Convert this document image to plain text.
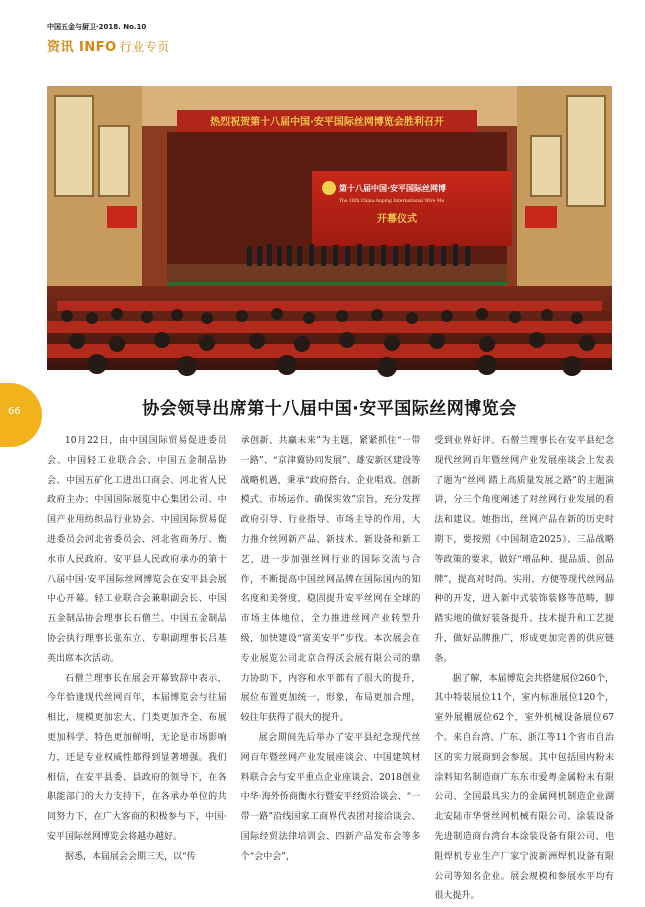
中国五金与厨卫·2018. No.10
资讯 INFO 行业专页
热烈祝贺第十八届中国·安平国际丝网博览会胜利召开
第十八届中国·安平国际丝网博
The 18th China·Anping International Wire Me
开幕仪式
66	协会领导出席第十八届中国·安平国际丝网博览会

10月22日，由中国国际贸易促进委员会、中国轻工业联合会、中国五金制品协会、中国五矿化工进出口商会、河北省人民政府主办；中国国际展览中心集团公司、中国产业用纺织品行业协会、中国国际贸易促进委员会河北省委员会、河北省商务厅、衡水市人民政府、安平县人民政府承办的第十八届中国·安平国际丝网博览会在安平县会展中心开幕。轻工业联合会兼职副会长、中国五金制品协会理事长石僧兰、中国五金制品协会执行理事长张东立、专职副理事长吕基英出席本次活动。

石僧兰理事长在展会开幕致辞中表示，今年恰逢现代丝网百年，本届博览会与往届相比，规模更加宏大、门类更加齐全、布展更加科学、特色更加鲜明，无论是市场影响力，还是专业权威性都得到显著增强。我们相信，在安平县委、县政府的领导下，在各职能部门的大力支持下，在各承办单位的共同努力下，在广大客商的积极参与下，中国·安平国际丝网博览会将越办越好。

据悉，本届展会会期三天，以“传

承创新、共赢未来”为主题，紧紧抓住“一带一路”、“京津冀协同发展”、雄安新区建设等战略机遇，秉承“政府搭台、企业唱戏、创新模式、市场运作、确保实效”宗旨，充分发挥政府引导、行业指导、市场主导的作用，大力推介丝网新产品、新技术、新设备和新工艺，进一步加强丝网行业的国际交流与合作，不断提高中国丝网品牌在国际国内的知名度和美誉度，稳固提升安平丝网在全球的市场主体地位，全力推进丝网产业转型升级，加快建设“富美安平”步伐。本次展会在专业展览公司北京合得沃会展有限公司的鼎力协助下，内容和水平都有了很大的提升，展位布置更加统一、形象，布局更加合理，较往年获得了很大的提升。

展会期间先后举办了安平县纪念现代丝网百年暨丝网产业发展座谈会、中国建筑材料联合会与安平重点企业座谈会、2018创业中华·海外侨商衡水行暨安平经贸洽谈会、“一带一路”沿线国家工商界代表团对接洽谈会、国际经贸法律培训会、四新产品发布会等多个“会中会”，

受到业界好评。石僧兰理事长在安平县纪念现代丝网百年暨丝网产业发展座谈会上发表了题为“丝网 踏上高质量发展之路”的主题演讲，分三个角度阐述了对丝网行业发展的看法和建议。她指出，丝网产品在新的历史时期下，要按照《中国制造2025》、三品战略等政策的要求，做好“增品种、提品质、创品牌”，提高对时尚、实用、方便等现代丝网品种的开发，进入新中式装饰装修等范畴，脚踏实地的做好装备提升、技术提升和工艺提升，做好品牌推广，形成更加完善的供应链条。

据了解，本届博览会共搭建展位260个，其中特装展位11个，室内标准展位120个，室外展棚展位62个，室外机械设备展位67个。来自台湾、广东、浙江等11个省市自治区的实力展商到会参展。其中包括国内粉末涂料知名制造商广东东市爱粤金属粉末有限公司、全国最具实力的金属网机制造企业湖北安陆市华誉丝网机械有限公司、涂装设备先进制造商台湾台本涂装设备有限公司、电阻焊机专业生产厂家宁波新洲焊机设备有限公司等知名企业。展会规模和参展水平均有很大提升。
